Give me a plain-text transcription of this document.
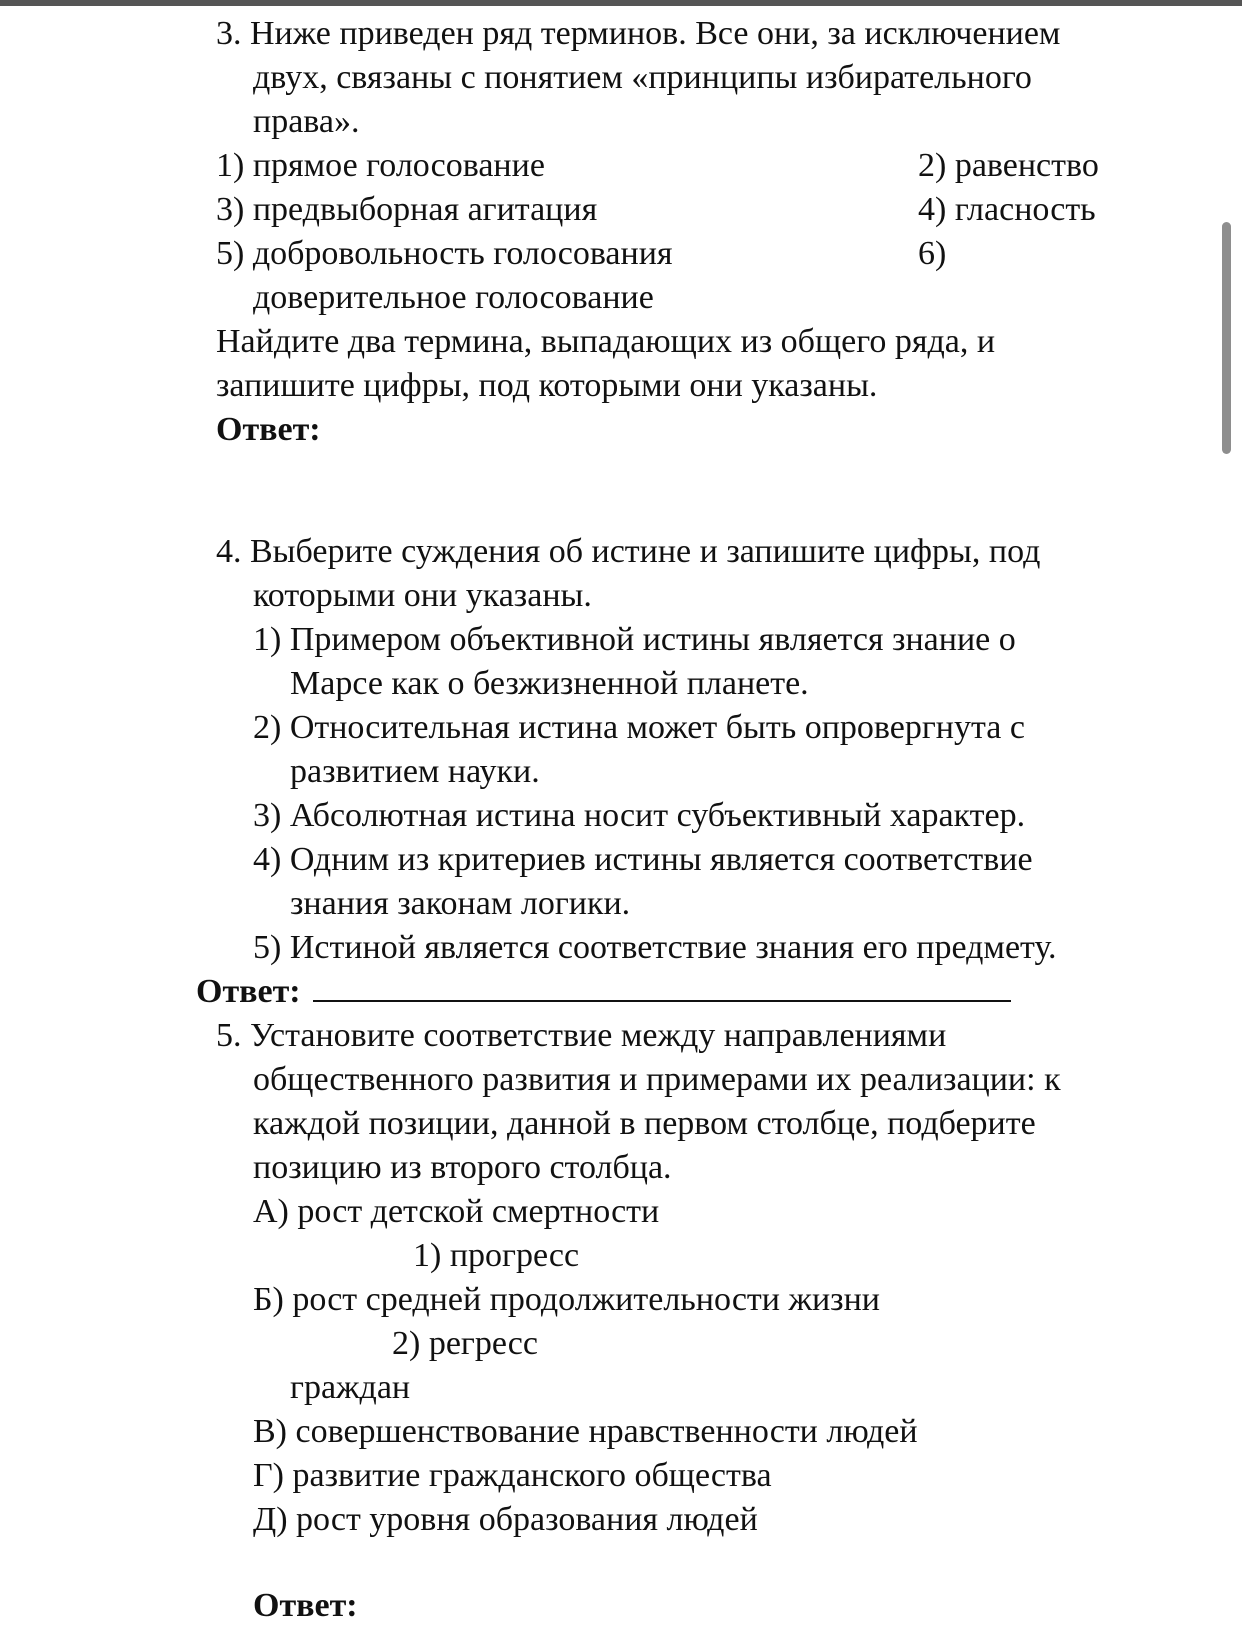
3. Ниже приведен ряд терминов. Все они, за исключением
двух, связаны с понятием «принципы избирательного
права».
1) прямое голосование	2) равенство
3) предвыборная агитация	4) гласность
5) добровольность голосования	6)
доверительное голосование
Найдите два термина, выпадающих из общего ряда, и
запишите цифры, под которыми они указаны.
Ответ:
4. Выберите суждения об истине и запишите цифры, под
которыми они указаны.
1) Примером объективной истины является знание о
Марсе как о безжизненной планете.
2) Относительная истина может быть опровергнута с
развитием науки.
3) Абсолютная истина носит субъективный характер.
4) Одним из критериев истины является соответствие
знания законам логики.
5) Истиной является соответствие знания его предмету.
Ответ:
5. Установите соответствие между направлениями
общественного развития и примерами их реализации: к
каждой позиции, данной в первом столбце, подберите
позицию из второго столбца.
А) рост детской смертности
1) прогресс
Б) рост средней продолжительности жизни
2) регресс
граждан
В) совершенствование нравственности людей
Г) развитие гражданского общества
Д) рост уровня образования людей
Ответ:
